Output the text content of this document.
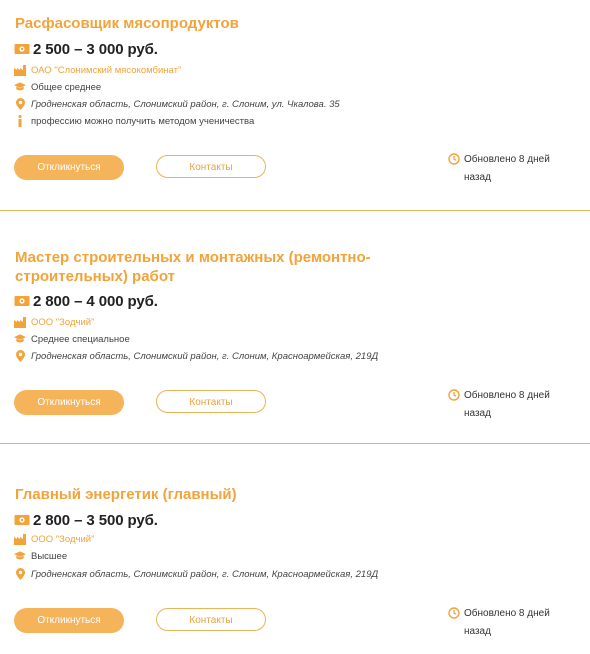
Расфасовщик мясопродуктов
2 500 – 3 000 руб.
ОАО "Слонимский мясокомбинат"
Общее среднее
Гродненская область, Слонимский район, г. Слоним, ул. Чкалова. 35
профессию можно получить методом ученичества
Откликнуться	Контакты
Обновлено 8 дней назад
Мастер строительных и монтажных (ремонтно-строительных) работ
2 800 – 4 000 руб.
ООО "Зодчий"
Среднее специальное
Гродненская область, Слонимский район, г. Слоним, Красноармейская, 219Д
Откликнуться	Контакты
Обновлено 8 дней назад
Главный энергетик (главный)
2 800 – 3 500 руб.
ООО "Зодчий"
Высшее
Гродненская область, Слонимский район, г. Слоним, Красноармейская, 219Д
Откликнуться	Контакты
Обновлено 8 дней назад
